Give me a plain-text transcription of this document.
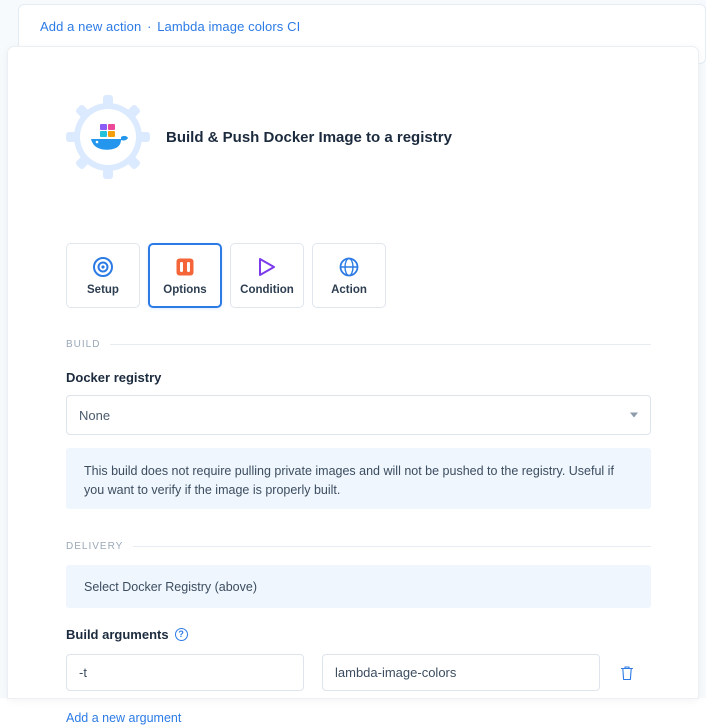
Add a new action · Lambda image colors CI
Build & Push Docker Image to a registry
Setup	Options	Condition	Action
BUILD
Docker registry
None
This build does not require pulling private images and will not be pushed to the registry. Useful if you want to verify if the image is properly built.
DELIVERY
Select Docker Registry (above)
Build arguments	?
-t
lambda-image-colors
Add a new argument
